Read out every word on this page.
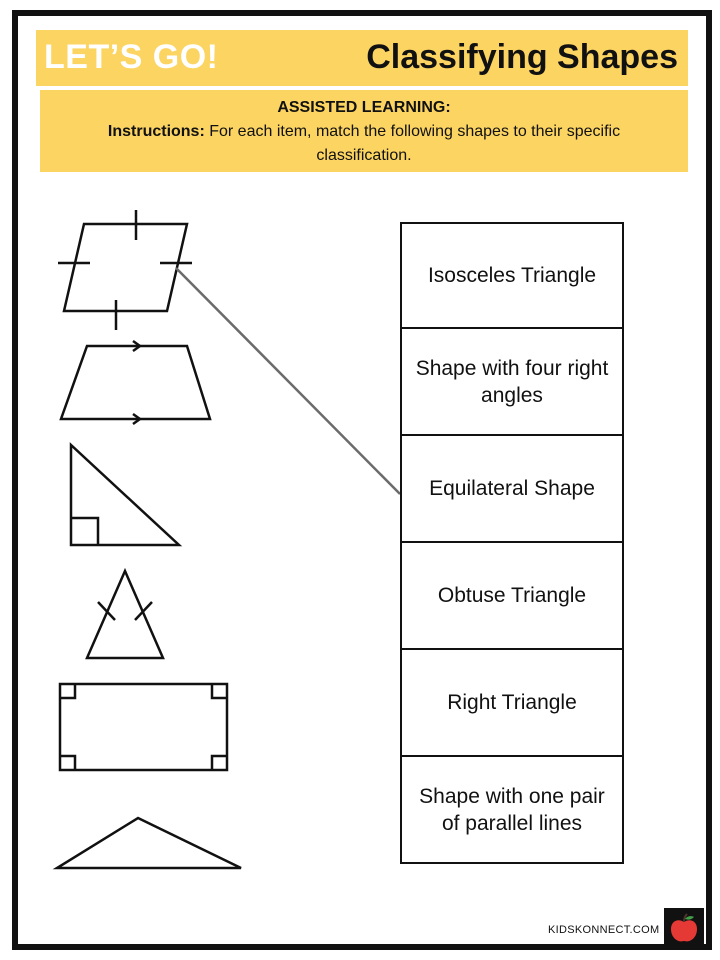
LET’S GO!	Classifying Shapes
ASSISTED LEARNING:
Instructions: For each item, match the following shapes to their specific classification.
Isosceles Triangle
Shape with four right angles
Equilateral Shape
Obtuse Triangle
Right Triangle
Shape with one pair of parallel lines
KIDSKONNECT.COM
